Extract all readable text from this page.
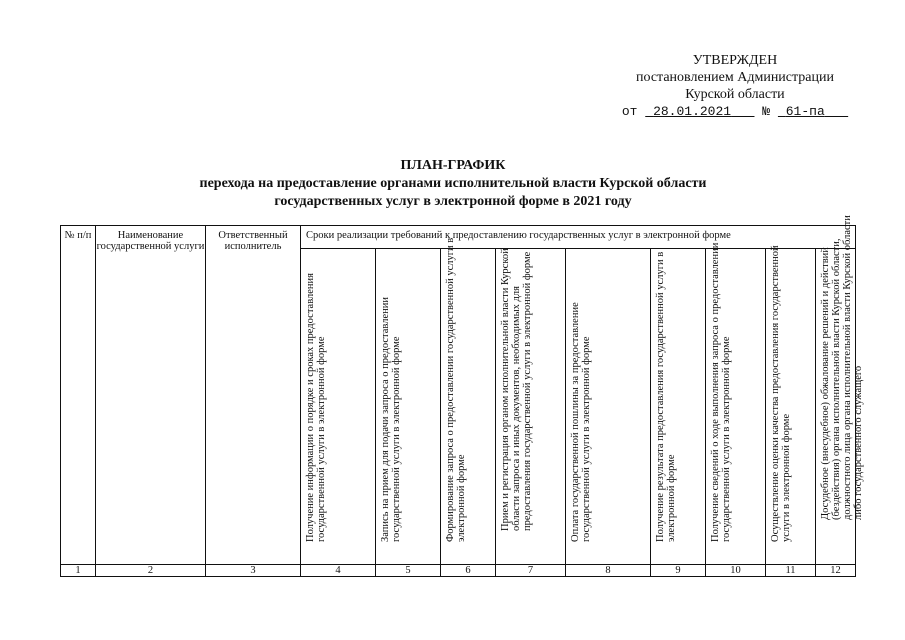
УТВЕРЖДЕН
постановлением Администрации
Курской области
от 28.01.2021 № 61-па
ПЛАН-ГРАФИК
перехода на предоставление органами исполнительной власти Курской области
государственных услуг в электронной форме в 2021 году
№ п/п	Наименование государственной услуги	Ответственный исполнитель	Сроки реализации требований к предоставлению государственных услуг в электронной форме								

			Получение информации о порядке и сроках предоставления государственной услуги в электронной форме	Запись на прием для подачи запроса о предоставлении государственной услуги в электронной форме	Формирование запроса о предоставлении государственной услуги в электронной форме	Прием и регистрация органом исполнительной власти Курской области запроса и иных документов, необходимых для предоставления государственной услуги в электронной форме	Оплата государственной пошлины за предоставление государственной услуги в электронной форме	Получение результата предоставления государственной услуги в электронной форме	Получение сведений о ходе выполнения запроса о предоставлении государственной услуги в электронной форме	Осуществление оценки качества предоставления государственной услуги в электронной форме	Досудебное (внесудебное) обжалование решений и действий (бездействия) органа исполнительной власти Курской области, должностного лица органа исполнительной власти Курской области либо государственного служащего

1	2	3	4	5	6	7	8	9	10	11	12
